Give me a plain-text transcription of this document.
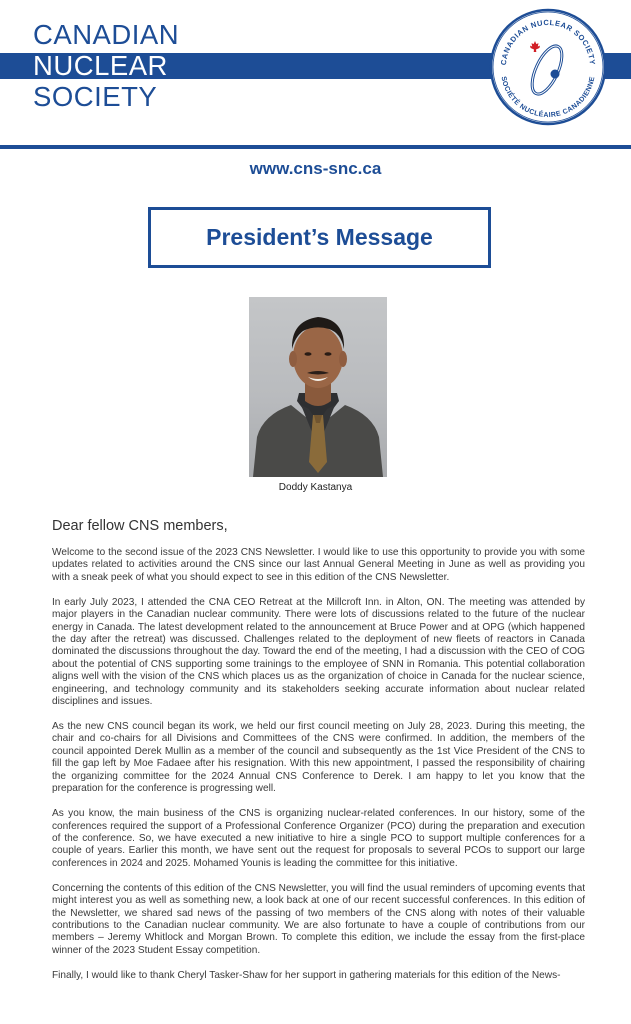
CANADIAN
NUCLEAR
SOCIETY
CANADIAN NUCLEAR SOCIETY
SOCIÉTÉ NUCLÉAIRE CANADIENNE
www.cns-snc.ca
President’s Message
Doddy Kastanya
Dear fellow CNS members,

Welcome to the second issue of the 2023 CNS Newsletter. I would like to use this opportunity to provide you with some updates related to activities around the CNS since our last Annual General Meeting in June as well as providing you with a sneak peek of what you should expect to see in this edition of the CNS Newsletter.

In early July 2023, I attended the CNA CEO Retreat at the Millcroft Inn. in Alton, ON. The meeting was attended by major players in the Canadian nuclear community. There were lots of discussions related to the future of the nuclear energy in Canada. The latest development related to the announcement at Bruce Power and at OPG (which happened the day after the retreat) was discussed. Challenges related to the deployment of new fleets of reactors in Canada dominated the discussions throughout the day. Toward the end of the meeting, I had a discussion with the CEO of COG about the potential of CNS supporting some trainings to the employee of SNN in Romania. This potential collaboration aligns well with the vision of the CNS which places us as the organization of choice in Canada for the nuclear science, engineering, and technology community and its stakeholders seeking accurate information about nuclear related disciplines and issues.

As the new CNS council began its work, we held our first council meeting on July 28, 2023. During this meeting, the chair and co-chairs for all Divisions and Committees of the CNS were confirmed. In addition, the members of the council appointed Derek Mullin as a member of the council and subsequently as the 1st Vice President of the CNS to fill the gap left by Moe Fadaee after his resignation. With this new appointment, I passed the responsibility of chairing the organizing committee for the 2024 Annual CNS Conference to Derek. I am happy to let you know that the preparation for the conference is progressing well.

As you know, the main business of the CNS is organizing nuclear-related conferences. In our history, some of the conferences required the support of a Professional Conference Organizer (PCO) during the preparation and execution of the conference. So, we have executed a new initiative to hire a single PCO to support multiple conferences for a couple of years. Earlier this month, we have sent out the request for proposals to several PCOs to support our large conferences in 2024 and 2025. Mohamed Younis is leading the committee for this initiative.

Concerning the contents of this edition of the CNS Newsletter, you will find the usual reminders of upcoming events that might interest you as well as something new, a look back at one of our recent successful conferences. In this edition of the Newsletter, we shared sad news of the passing of two members of the CNS along with notes of their valuable contributions to the Canadian nuclear community. We are also fortunate to have a couple of contributions from our members – Jeremy Whitlock and Morgan Brown. To complete this edition, we include the essay from the first-place winner of the 2023 Student Essay competition.

Finally, I would like to thank Cheryl Tasker-Shaw for her support in gathering materials for this edition of the News-
